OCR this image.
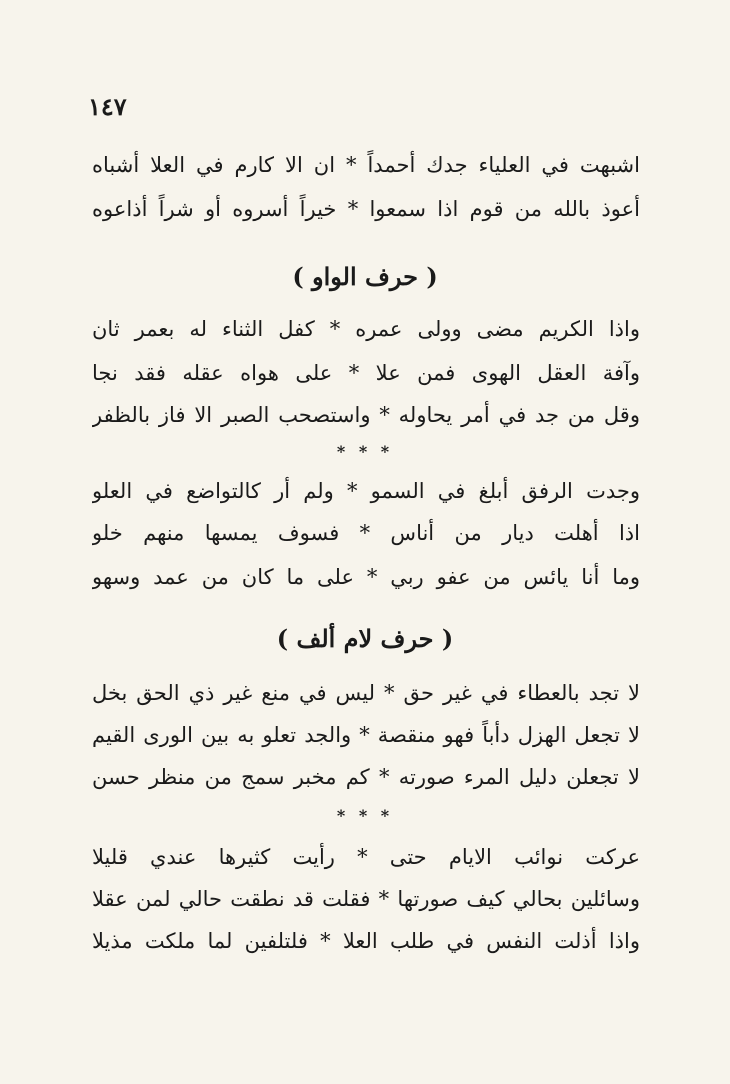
١٤٧
اشبهت في العلياء جدك أحمداً * ان الا كارم في العلا أشباه
أعوذ بالله من قوم اذا سمعوا * خيراً أسروه أو شراً أذاعوه
( حرف الواو )
واذا الكريم مضى وولى عمره * كفل الثناء له بعمر ثان
وآفة العقل الهوى فمن علا * على هواه عقله فقد نجا
وقل من جد في أمر يحاوله * واستصحب الصبر الا فاز بالظفر
* * *
وجدت الرفق أبلغ في السمو * ولم أر كالتواضع في العلو
اذا أهلت ديار من أناس * فسوف يمسها منهم خلو
وما أنا يائس من عفو ربي * على ما كان من عمد وسهو
( حرف لام ألف )
لا تجد بالعطاء في غير حق * ليس في منع غير ذي الحق بخل
لا تجعل الهزل دأباً فهو منقصة * والجد تعلو به بين الورى القيم
لا تجعلن دليل المرء صورته * كم مخبر سمج من منظر حسن
* * *
عركت نوائب الايام حتى * رأيت كثيرها عندي قليلا
وسائلين بحالي كيف صورتها * فقلت قد نطقت حالي لمن عقلا
واذا أذلت النفس في طلب العلا * فلتلفين لما ملكت مذيلا
